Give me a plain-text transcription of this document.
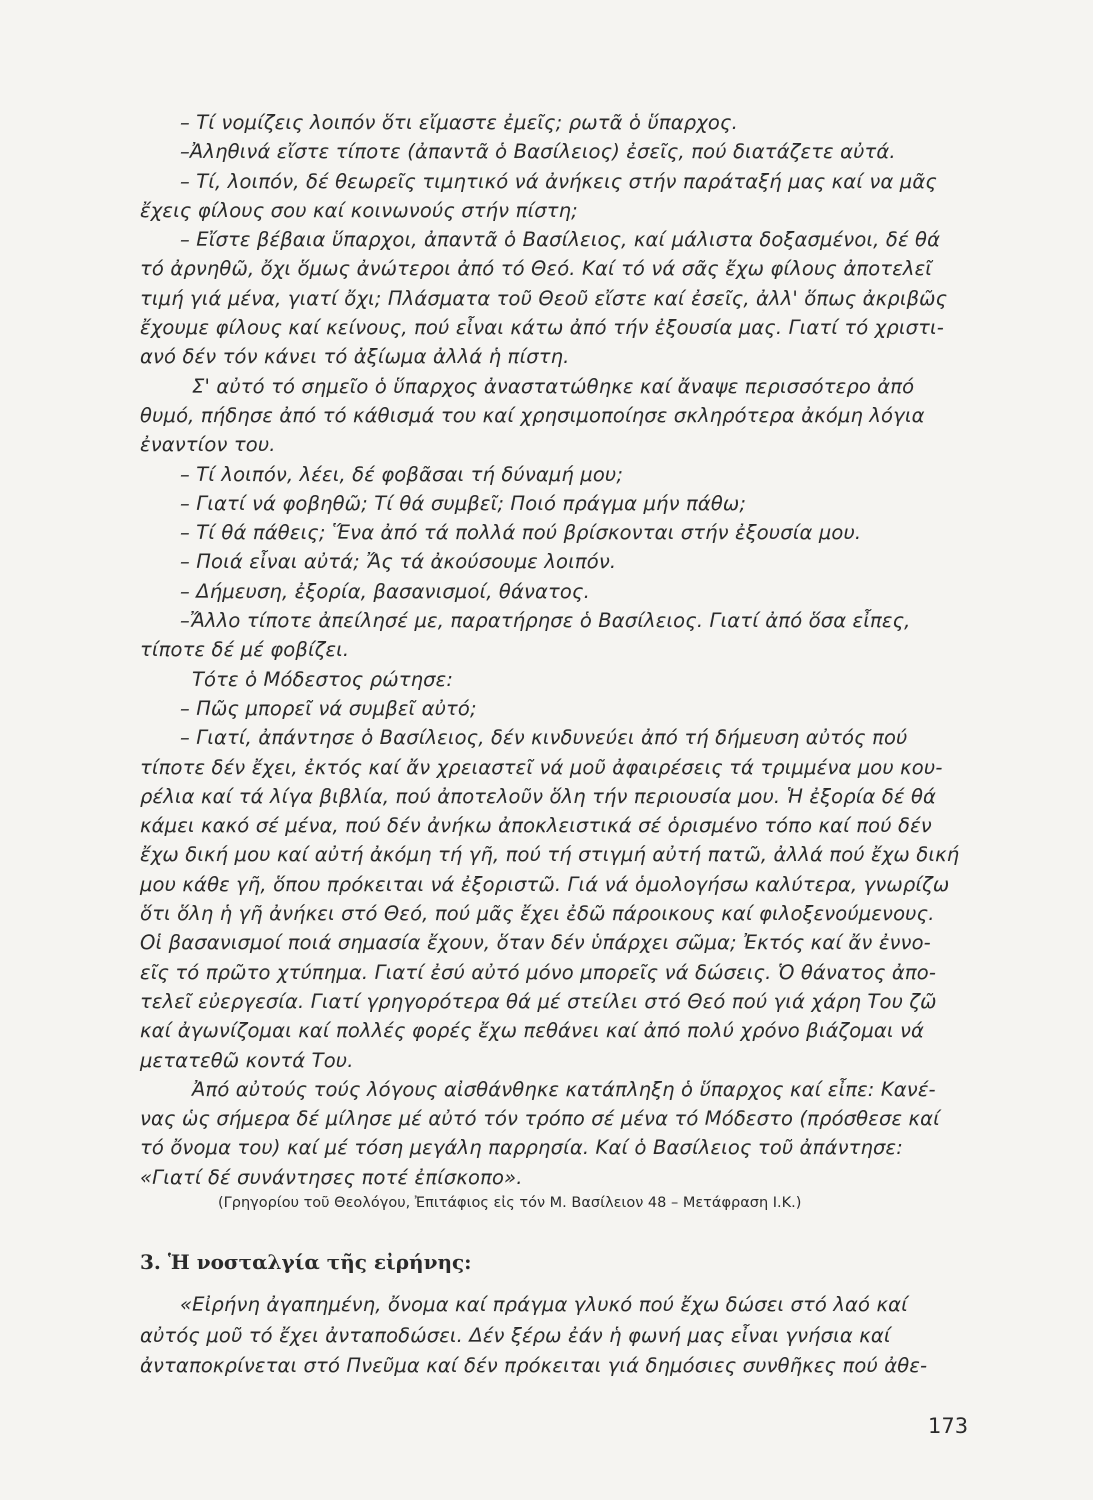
– Τί νομίζεις λοιπόν ὅτι εἴμαστε ἐμεῖς; ρωτᾶ ὁ ὕπαρχος.
–Ἀληθινά εἴστε τίποτε (ἀπαντᾶ ὁ Βασίλειος) ἐσεῖς, πού διατάζετε αὐτά.
– Τί, λοιπόν, δέ θεωρεῖς τιμητικό νά ἀνήκεις στήν παράταξή μας καί να μᾶς
ἔχεις φίλους σου καί κοινωνούς στήν πίστη;
– Εἴστε βέβαια ὕπαρχοι, ἀπαντᾶ ὁ Βασίλειος, καί μάλιστα δοξασμένοι, δέ θά
τό ἀρνηθῶ, ὄχι ὅμως ἀνώτεροι ἀπό τό Θεό. Καί τό νά σᾶς ἔχω φίλους ἀποτελεῖ
τιμή γιά μένα, γιατί ὄχι; Πλάσματα τοῦ Θεοῦ εἴστε καί ἐσεῖς, ἀλλ' ὅπως ἀκριβῶς
ἔχουμε φίλους καί κείνους, πού εἶναι κάτω ἀπό τήν ἐξουσία μας. Γιατί τό χριστι-
ανό δέν τόν κάνει τό ἀξίωμα ἀλλά ἡ πίστη.
Σ' αὐτό τό σημεῖο ὁ ὕπαρχος ἀναστατώθηκε καί ἄναψε περισσότερο ἀπό
θυμό, πήδησε ἀπό τό κάθισμά του καί χρησιμοποίησε σκληρότερα ἀκόμη λόγια
ἐναντίον του.
– Τί λοιπόν, λέει, δέ φοβᾶσαι τή δύναμή μου;
– Γιατί νά φοβηθῶ; Τί θά συμβεῖ; Ποιό πράγμα μήν πάθω;
– Τί θά πάθεις; Ἕνα ἀπό τά πολλά πού βρίσκονται στήν ἐξουσία μου.
– Ποιά εἶναι αὐτά; Ἄς τά ἀκούσουμε λοιπόν.
– Δήμευση, ἐξορία, βασανισμοί, θάνατος.
–Ἄλλο τίποτε ἀπείλησέ με, παρατήρησε ὁ Βασίλειος. Γιατί ἀπό ὅσα εἶπες,
τίποτε δέ μέ φοβίζει.
Τότε ὁ Μόδεστος ρώτησε:
– Πῶς μπορεῖ νά συμβεῖ αὐτό;
– Γιατί, ἀπάντησε ὁ Βασίλειος, δέν κινδυνεύει ἀπό τή δήμευση αὐτός πού
τίποτε δέν ἔχει, ἐκτός καί ἄν χρειαστεῖ νά μοῦ ἀφαιρέσεις τά τριμμένα μου κου-
ρέλια καί τά λίγα βιβλία, πού ἀποτελοῦν ὅλη τήν περιουσία μου. Ἡ ἐξορία δέ θά
κάμει κακό σέ μένα, πού δέν ἀνήκω ἀποκλειστικά σέ ὁρισμένο τόπο καί πού δέν
ἔχω δική μου καί αὐτή ἀκόμη τή γῆ, πού τή στιγμή αὐτή πατῶ, ἀλλά πού ἔχω δική
μου κάθε γῆ, ὅπου πρόκειται νά ἐξοριστῶ. Γιά νά ὁμολογήσω καλύτερα, γνωρίζω
ὅτι ὅλη ἡ γῆ ἀνήκει στό Θεό, πού μᾶς ἔχει ἐδῶ πάροικους καί φιλοξενούμενους.
Οἱ βασανισμοί ποιά σημασία ἔχουν, ὅταν δέν ὑπάρχει σῶμα; Ἐκτός καί ἄν ἐννο-
εῖς τό πρῶτο χτύπημα. Γιατί ἐσύ αὐτό μόνο μπορεῖς νά δώσεις. Ὁ θάνατος ἀπο-
τελεῖ εὐεργεσία. Γιατί γρηγορότερα θά μέ στείλει στό Θεό πού γιά χάρη Του ζῶ
καί ἀγωνίζομαι καί πολλές φορές ἔχω πεθάνει καί ἀπό πολύ χρόνο βιάζομαι νά
μετατεθῶ κοντά Του.
Ἀπό αὐτούς τούς λόγους αἰσθάνθηκε κατάπληξη ὁ ὕπαρχος καί εἶπε: Κανέ-
νας ὡς σήμερα δέ μίλησε μέ αὐτό τόν τρόπο σέ μένα τό Μόδεστο (πρόσθεσε καί
τό ὄνομα του) καί μέ τόση μεγάλη παρρησία. Καί ὁ Βασίλειος τοῦ ἀπάντησε:
«Γιατί δέ συνάντησες ποτέ ἐπίσκοπο».
(Γρηγορίου τοῦ Θεολόγου, Ἐπιτάφιος εἰς τόν Μ. Βασίλειον 48 – Μετάφραση Ι.Κ.)
3. Ἡ νοσταλγία τῆς εἰρήνης:
«Εἰρήνη ἀγαπημένη, ὄνομα καί πράγμα γλυκό πού ἔχω δώσει στό λαό καί
αὐτός μοῦ τό ἔχει ἀνταποδώσει. Δέν ξέρω ἐάν ἡ φωνή μας εἶναι γνήσια καί
ἀνταποκρίνεται στό Πνεῦμα καί δέν πρόκειται γιά δημόσιες συνθῆκες πού ἀθε-
173
